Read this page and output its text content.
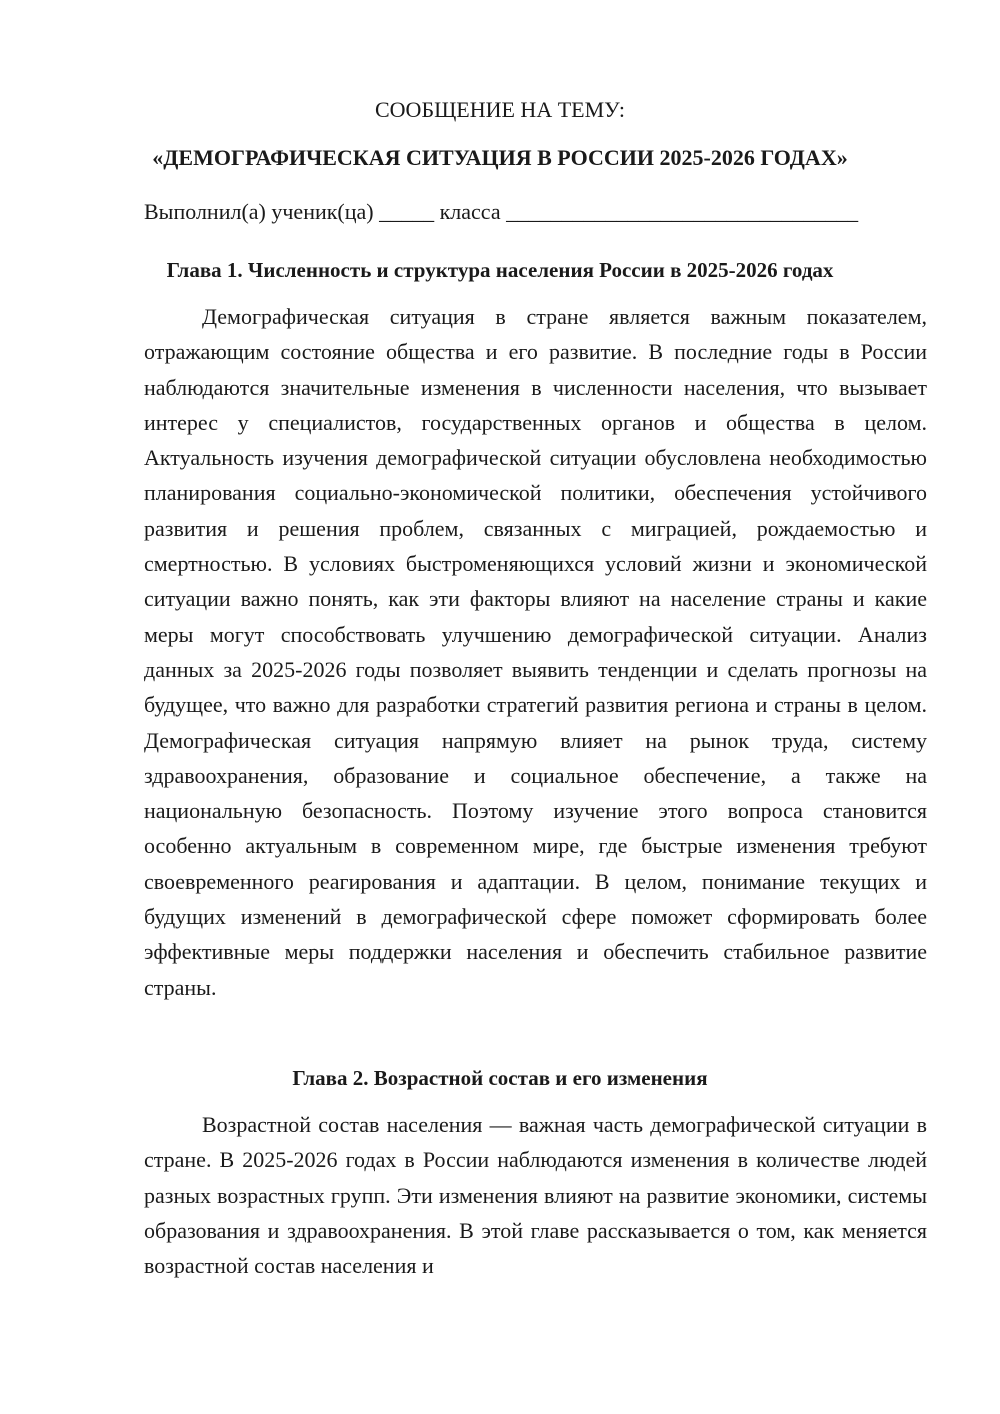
СООБЩЕНИЕ НА ТЕМУ:
«ДЕМОГРАФИЧЕСКАЯ СИТУАЦИЯ В РОССИИ 2025-2026 ГОДАХ»
Выполнил(а) ученик(ца) _____ класса ________________________________
Глава 1. Численность и структура населения России в 2025-2026 годах

Демографическая ситуация в стране является важным показателем, отражающим состояние общества и его развитие. В последние годы в России наблюдаются значительные изменения в численности населения, что вызывает интерес у специалистов, государственных органов и общества в целом. Актуальность изучения демографической ситуации обусловлена необходимостью планирования социально-экономической политики, обеспечения устойчивого развития и решения проблем, связанных с миграцией, рождаемостью и смертностью. В условиях быстроменяющихся условий жизни и экономической ситуации важно понять, как эти факторы влияют на население страны и какие меры могут способствовать улучшению демографической ситуации. Анализ данных за 2025-2026 годы позволяет выявить тенденции и сделать прогнозы на будущее, что важно для разработки стратегий развития региона и страны в целом. Демографическая ситуация напрямую влияет на рынок труда, систему здравоохранения, образование и социальное обеспечение, а также на национальную безопасность. Поэтому изучение этого вопроса становится особенно актуальным в современном мире, где быстрые изменения требуют своевременного реагирования и адаптации. В целом, понимание текущих и будущих изменений в демографической сфере поможет сформировать более эффективные меры поддержки населения и обеспечить стабильное развитие страны.

Глава 2. Возрастной состав и его изменения

Возрастной состав населения — важная часть демографической ситуации в стране. В 2025-2026 годах в России наблюдаются изменения в количестве людей разных возрастных групп. Эти изменения влияют на развитие экономики, системы образования и здравоохранения. В этой главе рассказывается о том, как меняется возрастной состав населения и
